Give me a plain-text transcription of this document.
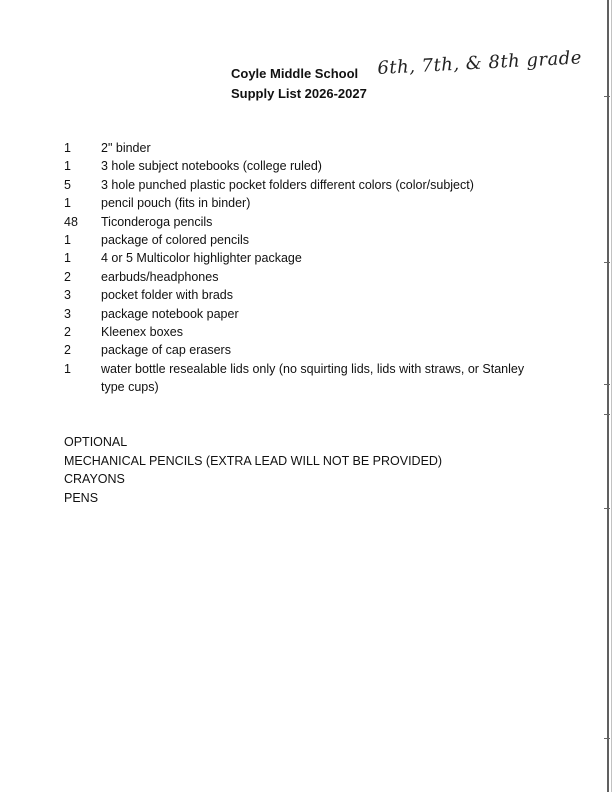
Coyle Middle School 6th, 7th, & 8th grade
Supply List 2026-2027
1	2" binder
1	3 hole subject notebooks (college ruled)
5	3 hole punched plastic pocket folders different colors (color/subject)
1	pencil pouch (fits in binder)
48	Ticonderoga pencils
1	package of colored pencils
1	4 or 5 Multicolor highlighter package
2	earbuds/headphones
3	pocket folder with brads
3	package notebook paper
2	Kleenex boxes
2	package of cap erasers
1	water bottle resealable lids only (no squirting lids, lids with straws, or Stanley type cups)
OPTIONAL
MECHANICAL PENCILS (EXTRA LEAD WILL NOT BE PROVIDED)
CRAYONS
PENS
